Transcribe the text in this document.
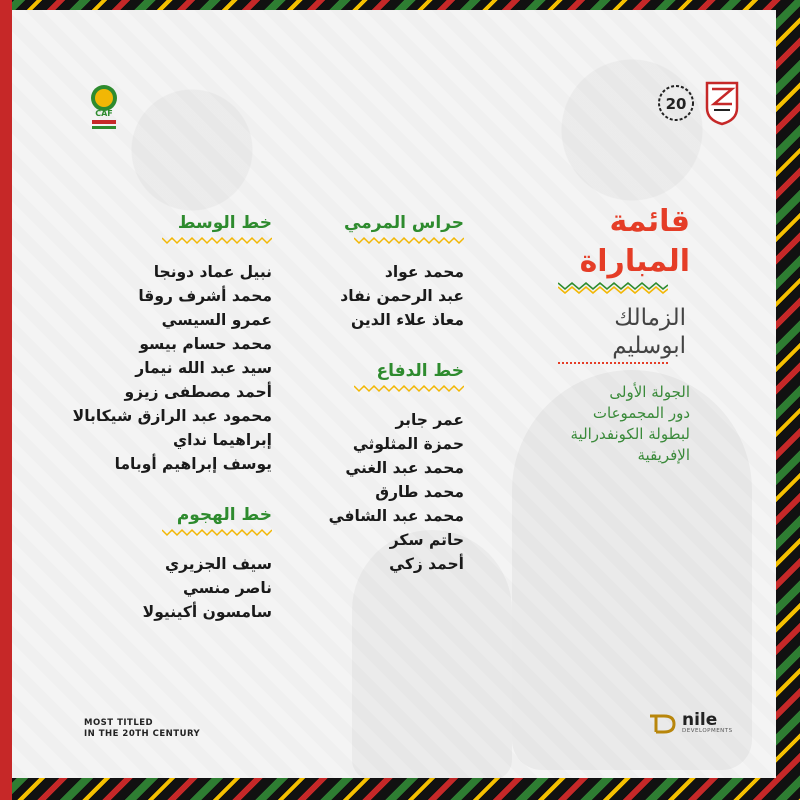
CAF
20
قائمة
المباراة
الزمالك
ابوسليم
الجولة الأولى
دور المجموعات
لبطولة الكونفدرالية
الإفريقية
حراس المرمي
محمد عواد
عبد الرحمن نفاد
معاذ علاء الدين
خط الدفاع
عمر جابر
حمزة المثلوثي
محمد عبد الغني
محمد طارق
محمد عبد الشافي
حاتم سكر
أحمد زكي
خط الوسط
نبيل عماد دونجا
محمد أشرف روقا
عمرو السيسي
محمد حسام بيسو
سيد عبد الله نيمار
أحمد مصطفى زيزو
محمود عبد الرازق شيكابالا
إبراهيما نداي
يوسف إبراهيم أوباما
خط الهجوم
سيف الجزيري
ناصر منسي
سامسون أكينيولا
MOST TITLED
IN THE 20TH CENTURY
nile
DEVELOPMENTS
